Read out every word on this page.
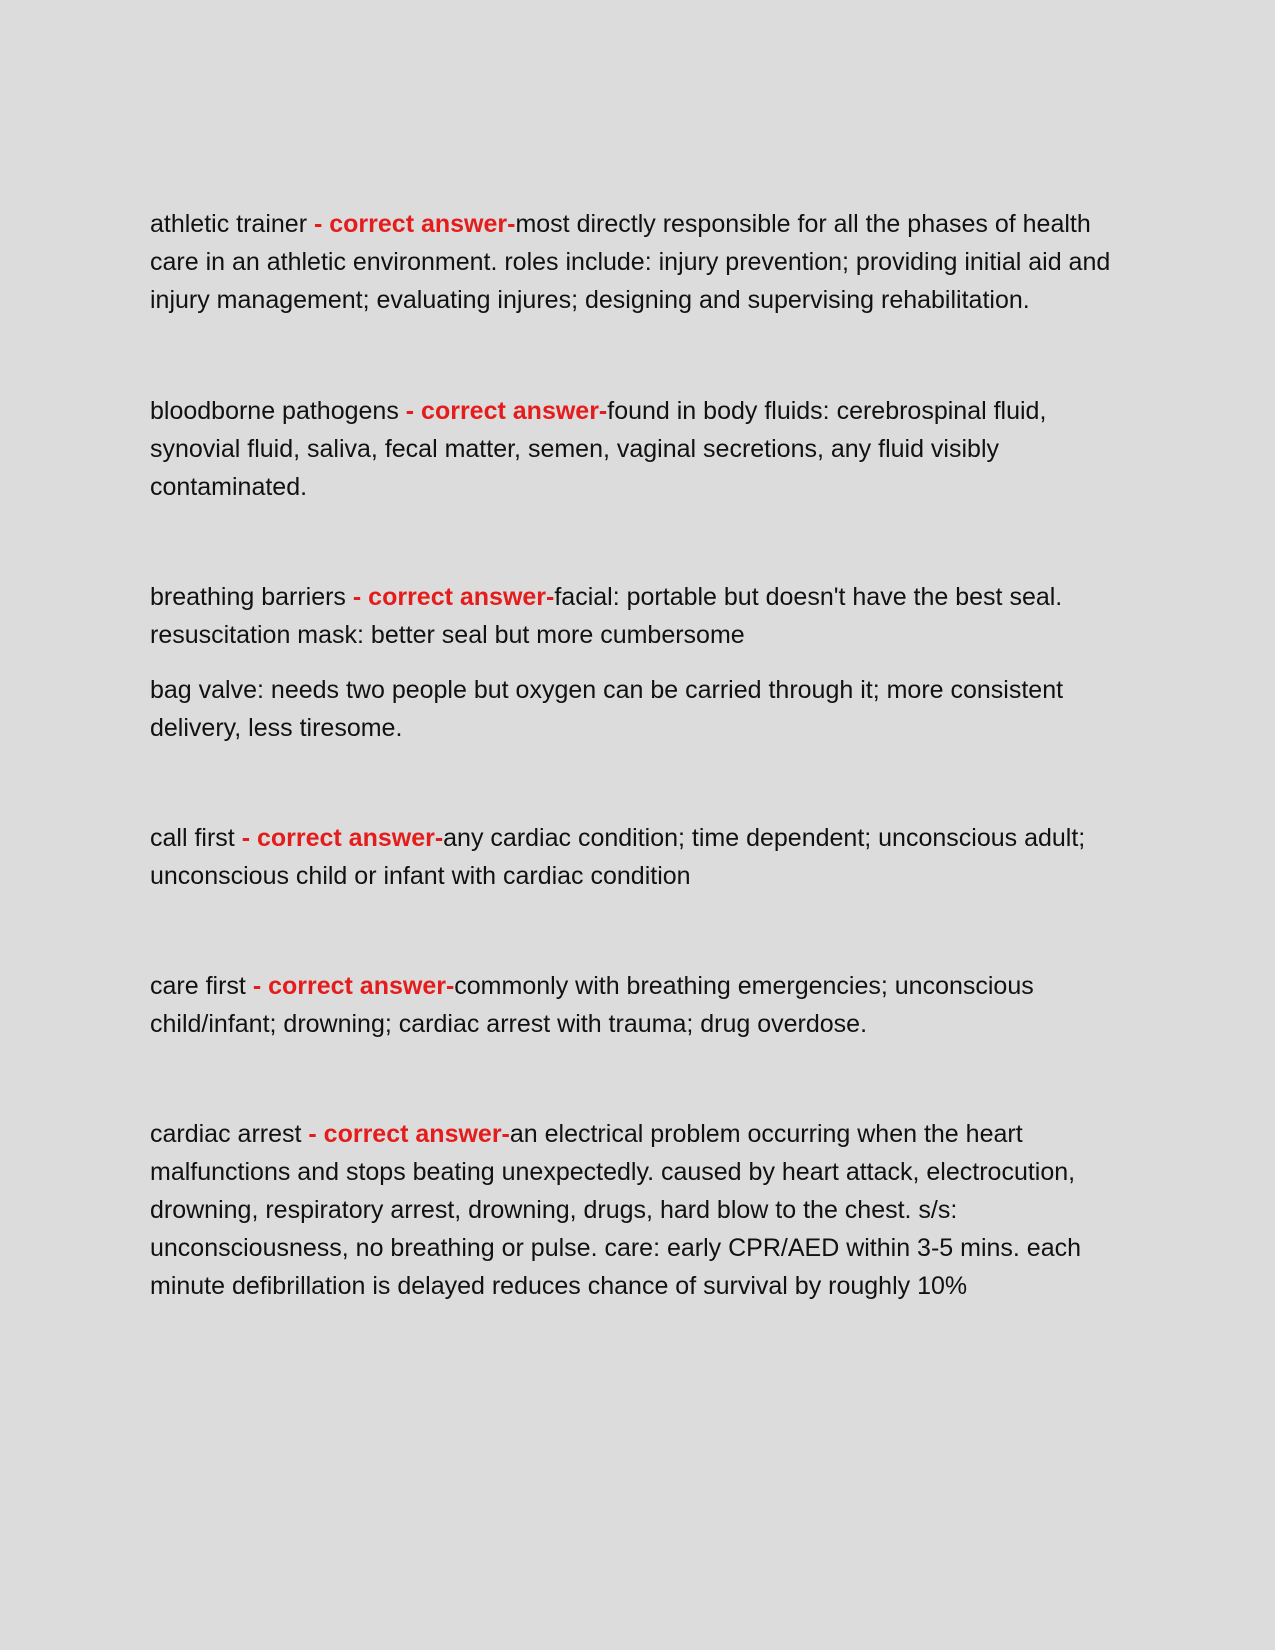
athletic trainer - correct answer-most directly responsible for all the phases of health care in an athletic environment. roles include: injury prevention; providing initial aid and injury management; evaluating injures; designing and supervising rehabilitation.

bloodborne pathogens - correct answer-found in body fluids: cerebrospinal fluid, synovial fluid, saliva, fecal matter, semen, vaginal secretions, any fluid visibly contaminated.

breathing barriers - correct answer-facial: portable but doesn't have the best seal. resuscitation mask: better seal but more cumbersome

bag valve: needs two people but oxygen can be carried through it; more consistent delivery, less tiresome.

call first - correct answer-any cardiac condition; time dependent; unconscious adult; unconscious child or infant with cardiac condition

care first - correct answer-commonly with breathing emergencies; unconscious child/infant; drowning; cardiac arrest with trauma; drug overdose.

cardiac arrest - correct answer-an electrical problem occurring when the heart malfunctions and stops beating unexpectedly. caused by heart attack, electrocution, drowning, respiratory arrest, drowning, drugs, hard blow to the chest. s/s: unconsciousness, no breathing or pulse. care: early CPR/AED within 3-5 mins. each minute defibrillation is delayed reduces chance of survival by roughly 10%
